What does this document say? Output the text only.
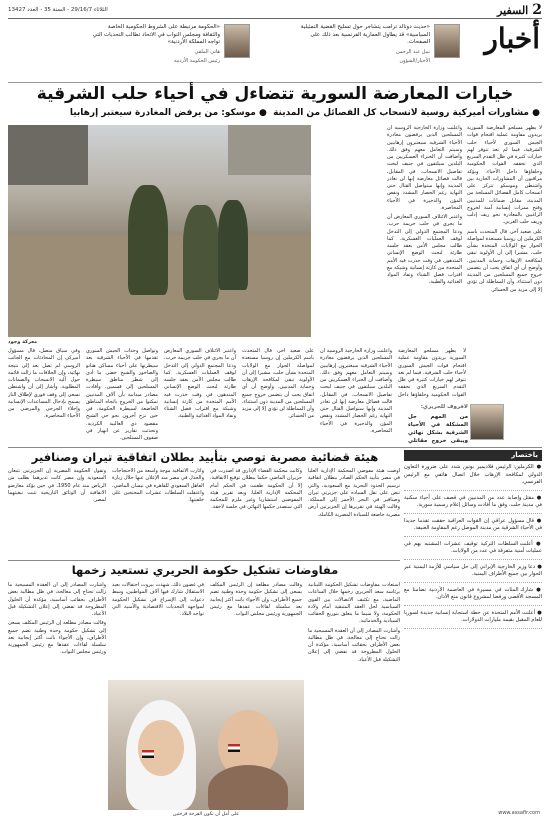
2
السفير
الثلاثاء 29/16/7 - السنة 35 - العدد 13427
أخبار
«حديث دونالد ترامب يتشاجر حول تسليح القضية التمثيلية السياسية» قد يطاول العمارية الفرنسية بعد ذلك على الصفحات.
نبيل عبد الرحمن
الأخبار/الشؤون
«الحكومة مرتبطة على الشروط الحكومية الخاصة والثقافة ومجلس النواب في الاتحاد تطالب التحديات التي تواجه المملكة الأردنية»
هاني الملقي
رئيس الحكومة الأردنية
خيارات المعارضة السورية تتضاءل في أحياء حلب الشرقية
● مشاورات أميركية روسية لانسحاب كل الفصائل من المدينة  ● موسكو: من يرفض المغادرة سيعتبر إرهابيا

لا يظهر مسلحو المعارضة السورية يريدون مقاومة عملية اقتحام قوات الجيش السوري لأحياء حلب الشرقية، فيما لم تعد تتوفر لهم خيارات كثيرة في ظل التقدم السريع الذي تحققه القوات الحكومية وحلفاؤها داخل الأحياء. ويؤكد مراقبون أن المشاورات الجارية بين واشنطن وموسكو تتركز على انسحاب كامل الفصائل المسلحة من المدينة، مقابل ضمانات للمدنيين وفتح ممرات إنسانية آمنة لخروج الراغبين بالمغادرة نحو ريف إدلب وريف حلب الغربي.

على صعيد آخر، قال المتحدث باسم الكرملين إن روسيا مستعدة لمواصلة الحوار مع الولايات المتحدة بشأن حلب، مشيرا إلى أن الأولوية تبقى لمكافحة الإرهاب وحماية المدنيين. وأوضح أن أي اتفاق يجب أن يتضمن خروج جميع المسلحين من المدينة دون استثناء، وأن المماطلة لن تؤدي إلا إلى مزيد من الخسائر.

وأعلنت وزارة الخارجية الروسية أن المسلحين الذين يرفضون مغادرة الأحياء الشرقية سيعتبرون إرهابيين وسيتم التعامل معهم وفق ذلك. وأضافت أن الخبراء العسكريين من البلدين سيلتقون في جنيف لبحث تفاصيل الانسحاب. في المقابل، قالت فصائل معارضة إنها لن تغادر المدينة وإنها ستواصل القتال حتى النهاية رغم الحصار المشدد ونقص المؤن والذخيرة في الأحياء المحاصرة.

واعتبر الائتلاف السوري المعارض أن ما يجري في حلب جريمة حرب، ودعا المجتمع الدولي إلى التدخل لوقف العمليات العسكرية. كما طالب مجلس الأمن بعقد جلسة طارئة لبحث الوضع الإنساني المتدهور، في وقت حذرت فيه الأمم المتحدة من كارثة إنسانية وشيكة مع اقتراب فصل الشتاء ونفاد المواد الغذائية والطبية.

معركة وجود

وفي سياق متصل، قال مسؤول أميركي إن المحادثات مع الجانب الروسي لم تصل بعد إلى نتيجة نهائية، وإن الخلافات ما زالت قائمة حول آلية الانسحاب والضمانات المطلوبة. وأشار إلى أن واشنطن تسعى إلى وقف فوري لإطلاق النار يسمح بإدخال المساعدات الإنسانية وإجلاء الجرحى والمرضى من الأحياء المحاصرة.

وتواصل وحدات الجيش السوري تقدمها في الأحياء الشرقية بعد سيطرتها على أحياء مساكن هنانو والصاخور والشيخ خضر، ما أدى إلى شطر مناطق سيطرة المسلحين إلى قسمين. وأفادت مصادر ميدانية بأن آلاف المدنيين تمكنوا من الخروج باتجاه المناطق الخاضعة لسيطرة الحكومة، في حين نزح آخرون نحو حي الشيخ مقصود ذي الغالبية الكردية. وتحدثت تقارير عن انهيار في صفوف المسلحين.

واعتبر الائتلاف السوري المعارض أن ما يجري في حلب جريمة حرب، ودعا المجتمع الدولي إلى التدخل لوقف العمليات العسكرية. كما طالب مجلس الأمن بعقد جلسة طارئة لبحث الوضع الإنساني المتدهور، في وقت حذرت فيه الأمم المتحدة من كارثة إنسانية وشيكة مع اقتراب فصل الشتاء ونفاد المواد الغذائية والطبية.

على صعيد آخر، قال المتحدث باسم الكرملين إن روسيا مستعدة لمواصلة الحوار مع الولايات المتحدة بشأن حلب، مشيرا إلى أن الأولوية تبقى لمكافحة الإرهاب وحماية المدنيين. وأوضح أن أي اتفاق يجب أن يتضمن خروج جميع المسلحين من المدينة دون استثناء، وأن المماطلة لن تؤدي إلا إلى مزيد من الخسائر.

وأعلنت وزارة الخارجية الروسية أن المسلحين الذين يرفضون مغادرة الأحياء الشرقية سيعتبرون إرهابيين وسيتم التعامل معهم وفق ذلك. وأضافت أن الخبراء العسكريين من البلدين سيلتقون في جنيف لبحث تفاصيل الانسحاب. في المقابل، قالت فصائل معارضة إنها لن تغادر المدينة وإنها ستواصل القتال حتى النهاية رغم الحصار المشدد ونقص المؤن والذخيرة في الأحياء المحاصرة.

لا يظهر مسلحو المعارضة السورية يريدون مقاومة عملية اقتحام قوات الجيش السوري لأحياء حلب الشرقية، فيما لم تعد تتوفر لهم خيارات كثيرة في ظل التقدم السريع الذي تحققه القوات الحكومية وحلفاؤها داخل

لافروف للحريري:

من المهم حل المشكلة في الأحياء الشرقية بشكل نهائي ويبقى خروج مقاتلي

باختصار
● الكرملين: الرئيس فلاديمير بوتين شدد على ضرورة التعاون الدولي لمكافحة الإرهاب خلال اتصال هاتفي مع الرئيس الفرنسي.
● مقتل وإصابة عدد من المدنيين في قصف على أحياء سكنية في مدينة حلب، وفق ما أفادت وسائل إعلام رسمية سورية.
● قال مسؤول عراقي إن القوات العراقية حققت تقدما جديدا في الأحياء الشرقية من مدينة الموصل رغم المقاومة العنيفة.
● أعلنت السلطات التركية توقيف عشرات المشتبه بهم في عمليات أمنية متفرقة في عدد من الولايات.
● دعا وزير الخارجية الإيراني إلى حل سياسي للأزمة اليمنية عبر الحوار بين جميع الأطراف اليمنية.
● شارك المئات في مسيرة في العاصمة الأردنية تضامنا مع المسجد الأقصى ورفضا لمشروع قانون منع الأذان.
● أعلنت الأمم المتحدة عن خطة استجابة إنسانية جديدة لسوريا للعام المقبل بقيمة مليارات الدولارات.
www.assafir.com
هيئة قضائية مصرية توصي بتأييد بطلان اتفاقية تيران وصنافير

أوصت هيئة مفوضي المحكمة الإدارية العليا في مصر بتأييد الحكم الصادر ببطلان اتفاقية ترسيم الحدود البحرية مع السعودية، والتي تنص على نقل السيادة على جزيرتي تيران وصنافير في البحر الأحمر إلى المملكة. وقالت الهيئة في تقريرها إن الجزيرتين أرض مصرية خاضعة للسيادة المصرية الكاملة.

وكانت محكمة القضاء الإداري قد أصدرت في حزيران الماضي حكما ببطلان توقيع الاتفاقية، إلا أن الحكومة طعنت في الحكم أمام المحكمة الإدارية العليا. ويعد تقرير هيئة المفوضين استشاريا وغير ملزم للمحكمة التي ستصدر حكمها النهائي في جلسة لاحقة.

وأثارت الاتفاقية موجة واسعة من الاحتجاجات والجدل في مصر منذ الإعلان عنها خلال زيارة العاهل السعودي للقاهرة في نيسان الماضي، واعتقلت السلطات عشرات المحتجين على خلفيتها.

وتقول الحكومة المصرية إن الجزيرتين تتبعان السعودية وإن مصر كانت تديرهما بطلب من الرياض منذ عام 1950، في حين يؤكد معارضو الاتفاقية أن الوثائق التاريخية تثبت تبعيتهما لمصر.

مفاوضات تشكيل حكومة الحريري تستعيد زخمها

استعادت مفاوضات تشكيل الحكومة اللبنانية برئاسة سعد الحريري زخمها خلال الساعات الماضية، مع تكثيف الاتصالات بين القوى السياسية لحل العقد المتبقية أمام ولادة الحكومة، ولا سيما ما يتعلق بتوزيع الحقائب السيادية والخدماتية.

وأشارت المصادر إلى أن العقدة المسيحية ما زالت تحتاج إلى معالجة، في ظل مطالبة بعض الأطراف بحقائب أساسية، مؤكدة أن الحلول المطروحة قد تفضي إلى إعلان التشكيلة قبل الأعياد.

وقالت مصادر مطلعة إن الرئيس المكلف يسعى إلى تشكيل حكومة وحدة وطنية تضم جميع الأطراف، وإن الأجواء باتت أكثر إيجابية بعد سلسلة لقاءات عقدها مع رئيس الجمهورية ورئيس مجلس النواب.

في غضون ذلك، شهدت بيروت احتفالات بعيد الاستقلال شارك فيها آلاف المواطنين، وسط دعوات إلى الإسراع في تشكيل الحكومة لمواجهة التحديات الاقتصادية والأمنية التي تواجه البلاد.

وأشارت المصادر إلى أن العقدة المسيحية ما زالت تحتاج إلى معالجة، في ظل مطالبة بعض الأطراف بحقائب أساسية، مؤكدة أن الحلول المطروحة قد تفضي إلى إعلان التشكيلة قبل الأعياد.

وقالت مصادر مطلعة إن الرئيس المكلف يسعى إلى تشكيل حكومة وحدة وطنية تضم جميع الأطراف، وإن الأجواء باتت أكثر إيجابية بعد سلسلة لقاءات عقدها مع رئيس الجمهورية ورئيس مجلس النواب.

على أمل أن تكون الفرحة فرحتين
